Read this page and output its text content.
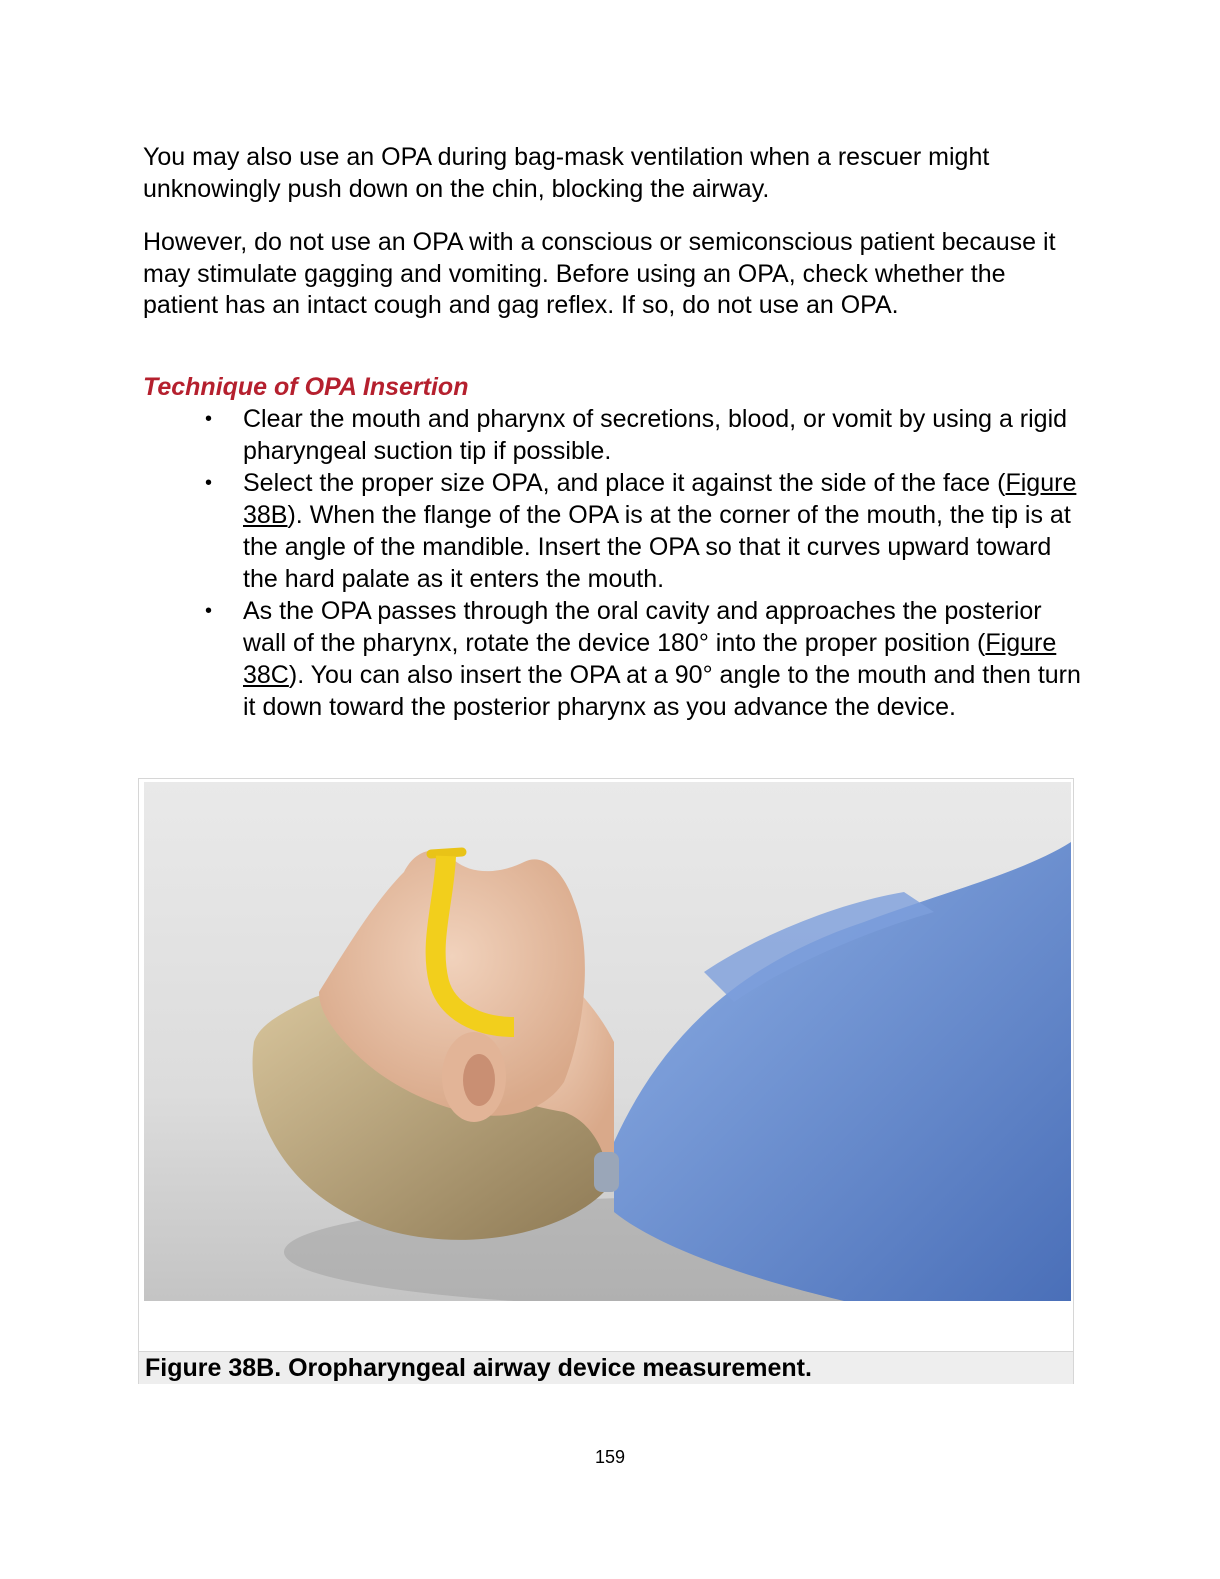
You may also use an OPA during bag-mask ventilation when a rescuer might unknowingly push down on the chin, blocking the airway.

However, do not use an OPA with a conscious or semiconscious patient because it may stimulate gagging and vomiting. Before using an OPA, check whether the patient has an intact cough and gag reflex. If so, do not use an OPA.

Technique of OPA Insertion
• Clear the mouth and pharynx of secretions, blood, or vomit by using a rigid pharyngeal suction tip if possible.
• Select the proper size OPA, and place it against the side of the face (Figure 38B). When the flange of the OPA is at the corner of the mouth, the tip is at the angle of the mandible. Insert the OPA so that it curves upward toward the hard palate as it enters the mouth.
• As the OPA passes through the oral cavity and approaches the posterior wall of the pharynx, rotate the device 180° into the proper position (Figure 38C). You can also insert the OPA at a 90° angle to the mouth and then turn it down toward the posterior pharynx as you advance the device.

Figure 38B. Oropharyngeal airway device measurement.

159
